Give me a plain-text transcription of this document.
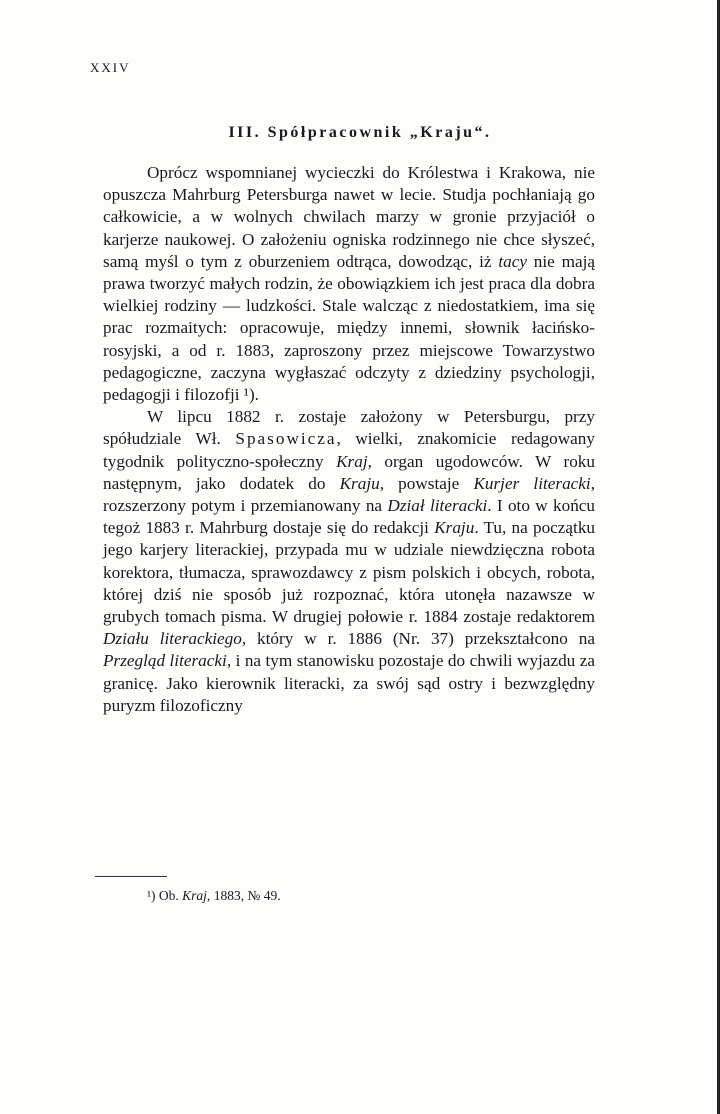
XXIV
III. Spółpracownik „Kraju“.

Oprócz wspomnianej wycieczki do Królestwa i Krakowa, nie opuszcza Mahrburg Petersburga nawet w lecie. Studja pochłaniają go całkowicie, a w wolnych chwilach marzy w gronie przyjaciół o karjerze naukowej. O założeniu ogniska rodzinnego nie chce słyszeć, samą myśl o tym z oburzeniem odtrąca, dowodząc, iż tacy nie mają prawa tworzyć małych rodzin, że obowiązkiem ich jest praca dla dobra wielkiej rodziny — ludzkości. Stale walcząc z niedostatkiem, ima się prac rozmaitych: opracowuje, między innemi, słownik łacińsko-rosyjski, a od r. 1883, zaproszony przez miejscowe Towarzystwo pedagogiczne, zaczyna wygłaszać odczyty z dziedziny psychologji, pedagogji i filozofji ¹).

W lipcu 1882 r. zostaje założony w Petersburgu, przy spółudziale Wł. Spasowicza, wielki, znakomicie redagowany tygodnik polityczno-społeczny Kraj, organ ugodowców. W roku następnym, jako dodatek do Kraju, powstaje Kurjer literacki, rozszerzony potym i przemianowany na Dział literacki. I oto w końcu tegoż 1883 r. Mahrburg dostaje się do redakcji Kraju. Tu, na początku jego karjery literackiej, przypada mu w udziale niewdzięczna robota korektora, tłumacza, sprawozdawcy z pism polskich i obcych, robota, której dziś nie sposób już rozpoznać, która utonęła nazawsze w grubych tomach pisma. W drugiej połowie r. 1884 zostaje redaktorem Działu literackiego, który w r. 1886 (Nr. 37) przekształcono na Przegląd literacki, i na tym stanowisku pozostaje do chwili wyjazdu za granicę. Jako kierownik literacki, za swój sąd ostry i bezwzględny puryzm filozoficzny

¹) Ob. Kraj, 1883, № 49.
